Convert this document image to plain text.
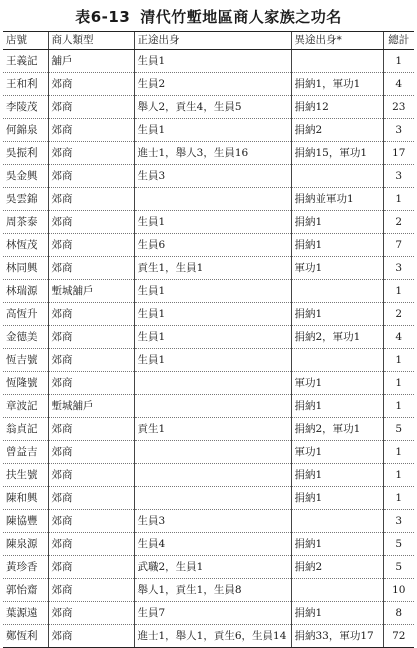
表6-13 清代竹塹地區商人家族之功名
店號	商人類型	正途出身	異途出身*	總計
王義記	舖戶	生員1		1
王和利	郊商	生員2	捐納1，軍功1	4
李陵茂	郊商	舉人2，貢生4，生員5	捐納12	23
何錦泉	郊商	生員1	捐納2	3
吳振利	郊商	進士1，舉人3，生員16	捐納15，軍功1	17
吳金興	郊商	生員3		3
吳雲錦	郊商		捐納並軍功1	1
周茶泰	郊商	生員1	捐納1	2
林恆茂	郊商	生員6	捐納1	7
林同興	郊商	貢生1，生員1	軍功1	3
林瑞源	塹城舖戶	生員1		1
高恆升	郊商	生員1	捐納1	2
金德美	郊商	生員1	捐納2，軍功1	4
恆吉號	郊商	生員1		1
恆隆號	郊商		軍功1	1
章波記	塹城舖戶		捐納1	1
翁貞記	郊商	貢生1	捐納2，軍功1	5
曾益吉	郊商		軍功1	1
扶生號	郊商		捐納1	1
陳和興	郊商		捐納1	1
陳協豐	郊商	生員3		3
陳泉源	郊商	生員4	捐納1	5
黃珍香	郊商	武職2，生員1	捐納2	5
郭怡齋	郊商	舉人1，貢生1，生員8		10
葉源遠	郊商	生員7	捐納1	8
鄭恆利	郊商	進士1，舉人1，貢生6，生員14	捐納33，軍功17	72
